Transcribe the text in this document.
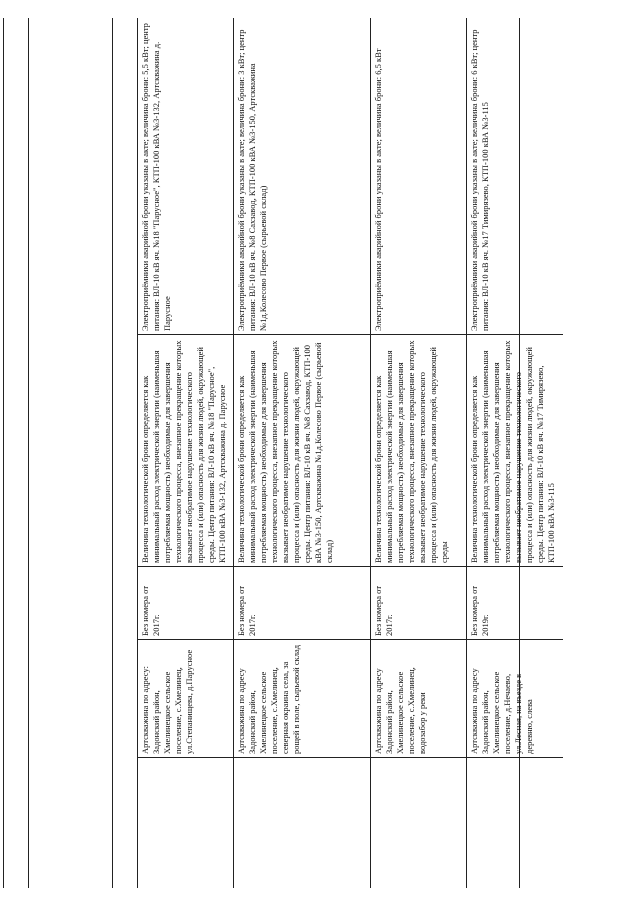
Артскважина по адресу: Задонский район, Хмелинецкое сельское поселение, с.Хмелинец, ул.Степанищева, д.Парусное
Без номера от 2017г.
Величина технологической брони определяется как минимальный расход электрической энергии (наименьшая потребляемая мощность) необходимые для завершения технологического процесса, внезапное прекращение которых вызывает необратимое нарушение технологического процесса и (или) опасность для жизни людей, окружающей среды. Центр питания: ВЛ-10 кВ яч. №18 "Парусное", КТП-100 кВА №3-132, Артскважина д. Парусное
Электроприёмники аварийной брони указаны в акте; величина брони: 5,5 кВт; центр питания: ВЛ-10 кВ яч. №18 "Парусное", КТП-100 кВА №3-132, Артскважина д. Парусное
Артскважина по адресу Задонский район, Хмелинецкое сельское поселение, с.Хмелинец, северная окраина села, за рощей в поле, сырьевой склад
Без номера от 2017г.
Величина технологической брони определяется как минимальный расход электрической энергии (наименьшая потребляемая мощность) необходимые для завершения технологического процесса, внезапное прекращение которых вызывает необратимое нарушение технологического процесса и (или) опасность для жизни людей, окружающей среды. Центр питания: ВЛ-10 кВ яч. №8 Сахзавод, КТП-100 кВА №3-150, Артскважина №1д.Колесово Первое (сырьевой склад)
Электроприёмники аварийной брони указаны в акте; величина брони: 3 кВт; центр питания: ВЛ-10 кВ яч. №8 Сахзавод, КТП-100 кВА №3-150, Артскважина №1д.Колесово Первое (сырьевой склад)
Артскважина по адресу Задонский район, Хмелинецкое сельское поселение, с.Хмелинец, водозабор у реки
Без номера от 2017г.
Величина технологической брони определяется как минимальный расход электрической энергии (наименьшая потребляемая мощность) необходимые для завершения технологического процесса, внезапное прекращение которых вызывает необратимое нарушение технологического процесса и (или) опасность для жизни людей, окружающей среды
Электроприёмники аварийной брони указаны в акте; величина брони: 6,5 кВт
Артскважина по адресу Задонский район, Хмелинецкое сельское поселение, д.Нечаево, ул.Лесная, на въезде в деревню, слева
Без номера от 2019г.
Величина технологической брони определяется как минимальный расход электрической энергии (наименьшая потребляемая мощность) необходимые для завершения технологического процесса, внезапное прекращение которых вызывает необратимое нарушение технологического процесса и (или) опасность для жизни людей, окружающей среды. Центр питания: ВЛ-10 кВ яч. №17 Тимирязево, КТП-100 кВА №3-115
Электроприёмники аварийной брони указаны в акте; величина брони: 6 кВт; центр питания: ВЛ-10 кВ яч. №17 Тимирязево, КТП-100 кВА №3-115
